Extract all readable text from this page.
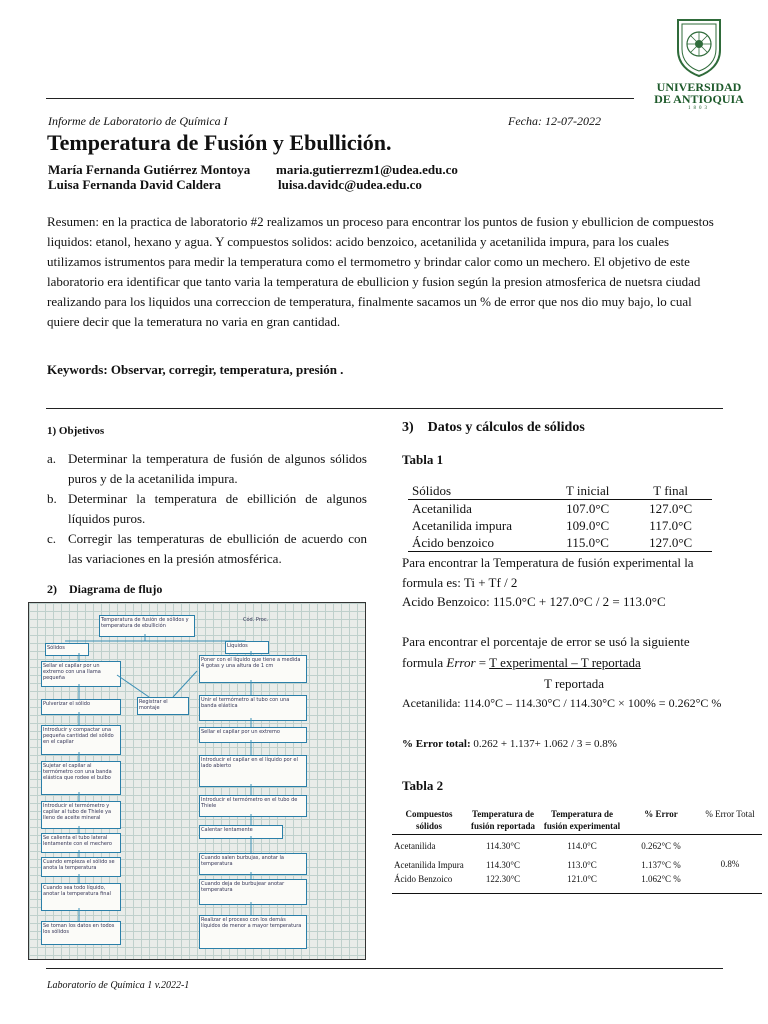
UNIVERSIDAD
DE ANTIOQUIA
1803
Informe de Laboratorio de Química I	Fecha: 12-07-2022
Temperatura de Fusión y Ebullición.
María Fernanda Gutiérrez Montoya maria.gutierrezm1@udea.edu.co
Luisa Fernanda David Caldera	luisa.davidc@udea.edu.co
Resumen: en la practica de laboratorio #2 realizamos un proceso para encontrar los puntos de fusion y ebullicion de compuestos liquidos: etanol, hexano y agua. Y compuestos solidos: acido benzoico, acetanilida y acetanilida impura, para los cuales utilizamos istrumentos para medir la temperatura como el termometro y brindar calor como un mechero. El objetivo de este laboratorio era identificar que tanto varia la temperatura de ebullicion y fusion según la presion atmosferica de nuetsra ciudad realizando para los liquidos una correccion de temperatura, finalmente sacamos un % de error que nos dio muy bajo, lo cual quiere decir que la temeratura no varia en gran cantidad.
Keywords: Observar, corregir, temperatura, presión .
1) Objetivos
a. Determinar la temperatura de fusión de algunos sólidos puros y de la acetanilida impura.
b. Determinar la temperatura de ebillición de algunos líquidos puros.
c. Corregir las temperaturas de ebullición de acuerdo con las variaciones en la presión atmosférica.
2)    Diagrama de flujo
Temperatura de fusión de sólidos y temperatura de ebullición
Cód. Proc.
Sólidos	Líquidos
Registrar el montaje
Sellar el capilar por un extremo con una llama pequeña
Pulverizar el sólido
Introducir y compactar una pequeña cantidad del sólido en el capilar
Sujetar el capilar al termómetro con una banda elástica que rodee el bulbo
Introducir el termómetro y capilar al tubo de Thiele ya lleno de aceite mineral
Se calienta el tubo lateral lentamente con el mechero
Cuando empieza el sólido se anota la temperatura
Cuando sea todo líquido, anotar la temperatura final
Se toman los datos en todos los sólidos
Poner con el líquido que tiene a medida 4 gotas y una altura de 1 cm
Unir el termómetro al tubo con una banda elástica
Sellar el capilar por un extremo
Introducir el capilar en el líquido por el lado abierto
Introducir el termómetro en el tubo de Thiele
Calentar lentamente
Cuando salen burbujas, anotar la temperatura
Cuando deja de burbujear anotar temperatura
Realizar el proceso con los demás líquidos de menor a mayor temperatura
3)    Datos y cálculos de sólidos
Tabla 1
Sólidos	T inicial	T final
Acetanilida	107.0°C	127.0°C
Acetanilida impura	109.0°C	117.0°C
Ácido benzoico	115.0°C	127.0°C
Para encontrar la Temperatura de fusión experimental la formula es: Ti + Tf / 2
Acido Benzoico: 115.0°C + 127.0°C / 2 = 113.0°C
Para encontrar el porcentaje de error se usó la siguiente
formula Error = T experimental – T reportada
T reportada
Acetanilida: 114.0°C – 114.30°C / 114.30°C × 100% = 0.262°C %
% Error total: 0.262 + 1.137+ 1.062 / 3 = 0.8%
Tabla 2
Compuestos sólidos	Temperatura de fusión reportada	Temperatura de fusión experimental	% Error	% Error Total
Acetanilida	114.30°C	114.0°C	0.262°C %	0.8%
Acetanilida Impura	114.30°C	113.0°C	1.137°C %	
Ácido Benzoico	122.30°C	121.0°C	1.062°C %	
Laboratorio de Química 1 v.2022-1
